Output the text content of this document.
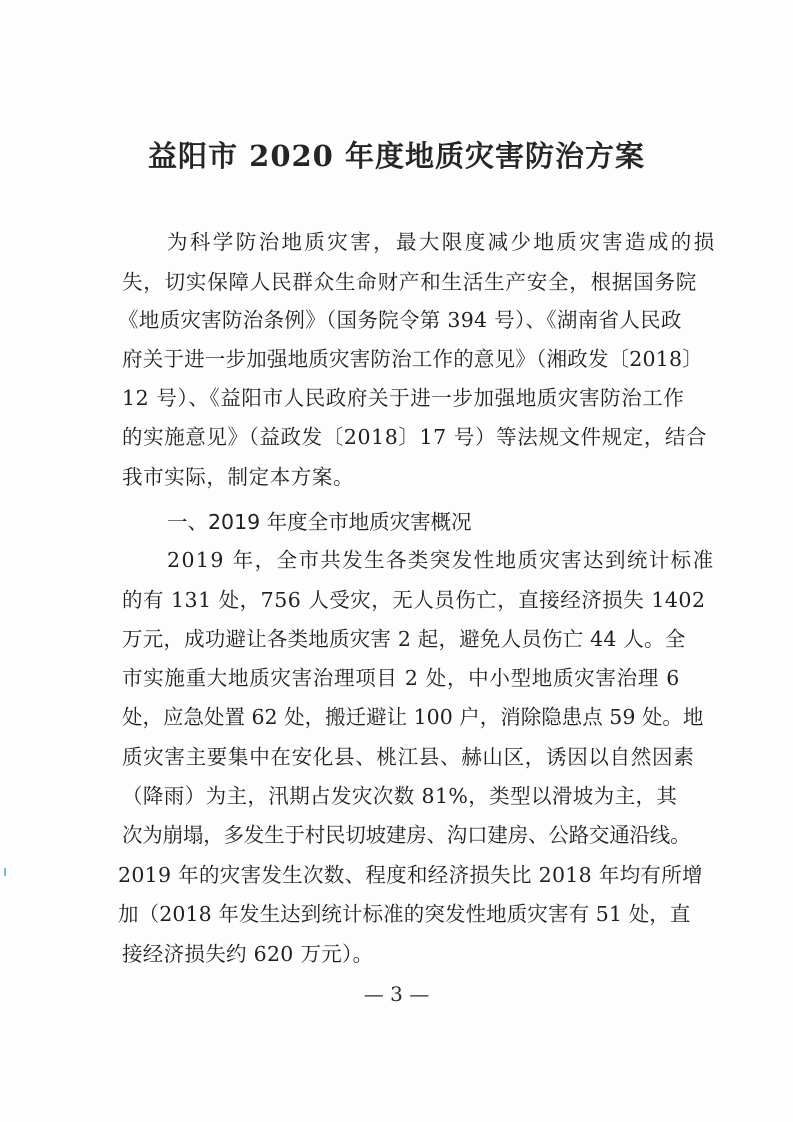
益阳市 2020 年度地质灾害防治方案
为科学防治地质灾害，最大限度减少地质灾害造成的损
失，切实保障人民群众生命财产和生活生产安全，根据国务院
《地质灾害防治条例》（国务院令第 394 号）、《湖南省人民政
府关于进一步加强地质灾害防治工作的意见》（湘政发〔2018〕
12 号）、《益阳市人民政府关于进一步加强地质灾害防治工作
的实施意见》（益政发〔2018〕17 号）等法规文件规定，结合
我市实际，制定本方案。
一、2019 年度全市地质灾害概况
2019 年，全市共发生各类突发性地质灾害达到统计标准
的有 131 处，756 人受灾，无人员伤亡，直接经济损失 1402
万元，成功避让各类地质灾害 2 起，避免人员伤亡 44 人。全
市实施重大地质灾害治理项目 2 处，中小型地质灾害治理 6
处，应急处置 62 处，搬迁避让 100 户，消除隐患点 59 处。地
质灾害主要集中在安化县、桃江县、赫山区，诱因以自然因素
（降雨）为主，汛期占发灾次数 81%，类型以滑坡为主，其
次为崩塌，多发生于村民切坡建房、沟口建房、公路交通沿线。
2019 年的灾害发生次数、程度和经济损失比 2018 年均有所增
加（2018 年发生达到统计标准的突发性地质灾害有 51 处，直
接经济损失约 620 万元）。
— 3 —
